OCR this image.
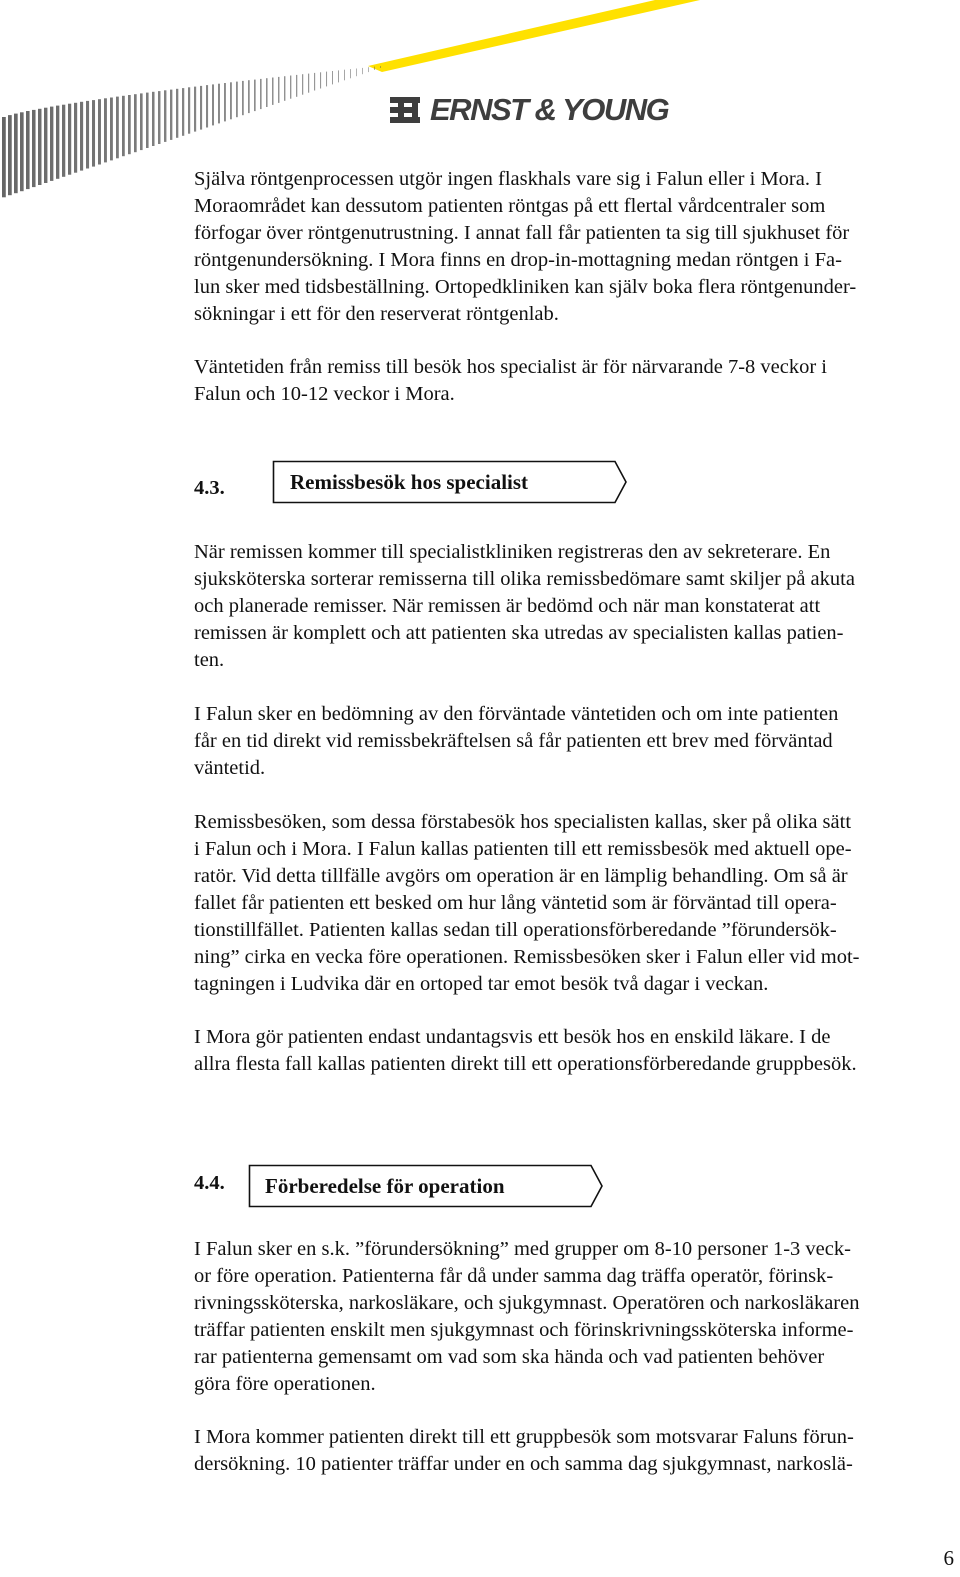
ERNST & YOUNG

Själva röntgenprocessen utgör ingen flaskhals vare sig i Falun eller i Mora. I
Moraområdet kan dessutom patienten röntgas på ett flertal vårdcentraler som
förfogar över röntgenutrustning. I annat fall får patienten ta sig till sjukhuset för
röntgenundersökning. I Mora finns en drop-in-mottagning medan röntgen i Fa-
lun sker med tidsbeställning. Ortopedkliniken kan själv boka flera röntgenunder-
sökningar i ett för den reserverat röntgenlab.

Väntetiden från remiss till besök hos specialist är för närvarande 7-8 veckor i
Falun och 10-12 veckor i Mora.

4.3.	Remissbesök hos specialist

När remissen kommer till specialistkliniken registreras den av sekreterare. En
sjuksköterska sorterar remisserna till olika remissbedömare samt skiljer på akuta
och planerade remisser. När remissen är bedömd och när man konstaterat att
remissen är komplett och att patienten ska utredas av specialisten kallas patien-
ten.

I Falun sker en bedömning av den förväntade väntetiden och om inte patienten
får en tid direkt vid remissbekräftelsen så får patienten ett brev med förväntad
väntetid.

Remissbesöken, som dessa förstabesök hos specialisten kallas, sker på olika sätt
i Falun och i Mora. I Falun kallas patienten till ett remissbesök med aktuell ope-
ratör. Vid detta tillfälle avgörs om operation är en lämplig behandling. Om så är
fallet får patienten ett besked om hur lång väntetid som är förväntad till opera-
tionstillfället. Patienten kallas sedan till operationsförberedande ”förundersök-
ning” cirka en vecka före operationen. Remissbesöken sker i Falun eller vid mot-
tagningen i Ludvika där en ortoped tar emot besök två dagar i veckan.

I Mora gör patienten endast undantagsvis ett besök hos en enskild läkare. I de
allra flesta fall kallas patienten direkt till ett operationsförberedande gruppbesök.

4.4. Förberedelse för operation

I Falun sker en s.k. ”förundersökning” med grupper om 8-10 personer 1-3 veck-
or före operation. Patienterna får då under samma dag träffa operatör, förinsk-
rivningssköterska, narkosläkare, och sjukgymnast. Operatören och narkosläkaren
träffar patienten enskilt men sjukgymnast och förinskrivningssköterska informe-
rar patienterna gemensamt om vad som ska hända och vad patienten behöver
göra före operationen.

I Mora kommer patienten direkt till ett gruppbesök som motsvarar Faluns förun-
dersökning. 10 patienter träffar under en och samma dag sjukgymnast, narkoslä-

6
